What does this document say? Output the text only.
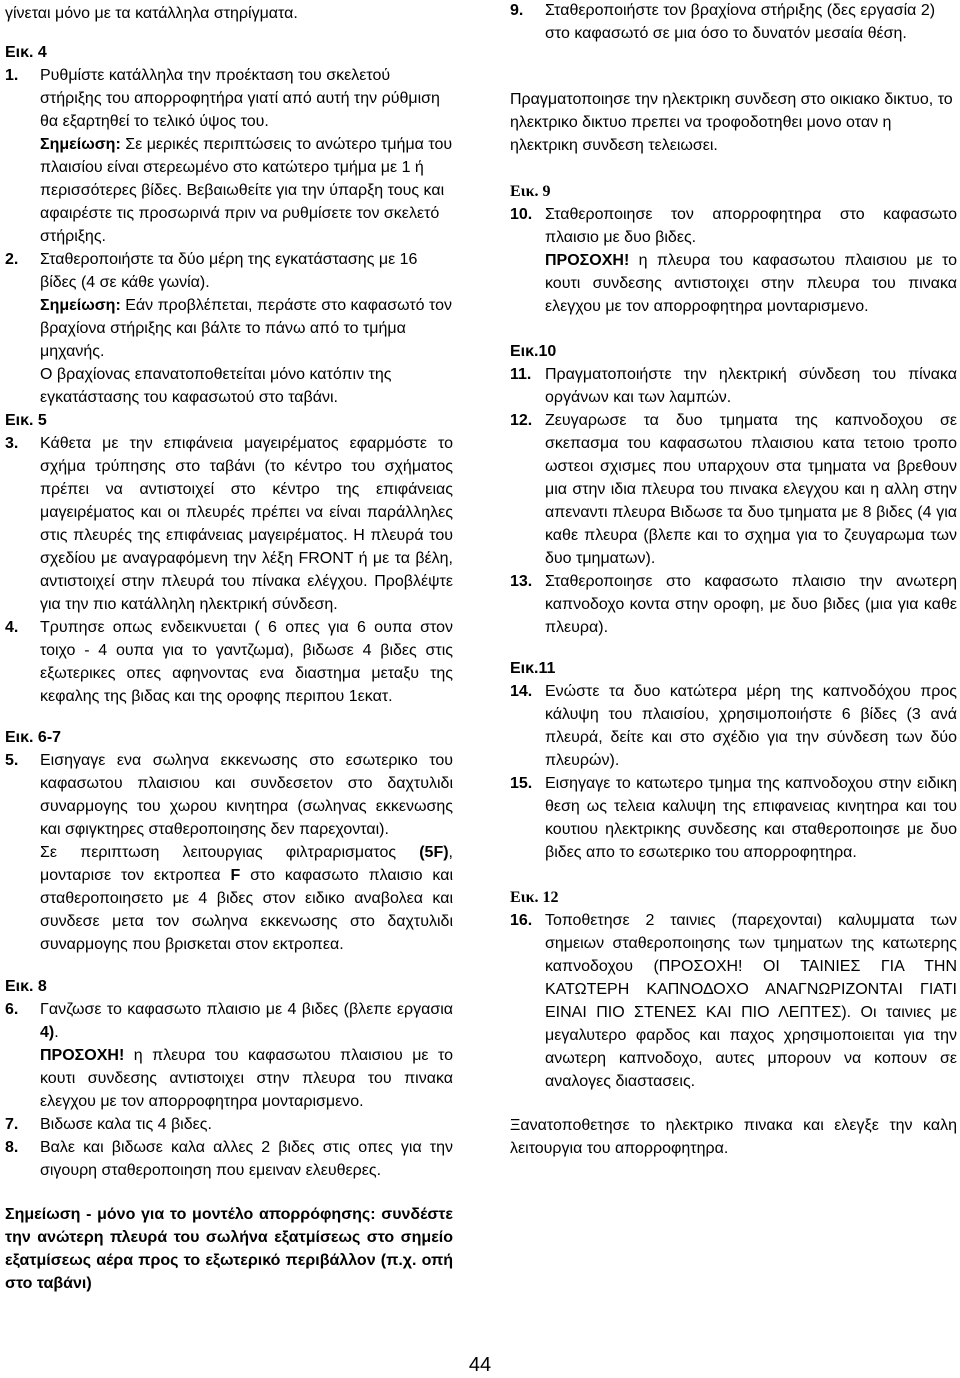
γίνεται μόνο με τα κατάλληλα στηρίγματα.
Εικ. 4
1.	Ρυθμίστε κατάλληλα την προέκταση του σκελετού στήριξης του απορροφητήρα γιατί από αυτή την ρύθμιση θα εξαρτηθεί το τελικό ύψος του.
Σημείωση: Σε μερικές περιπτώσεις το ανώτερο τμήμα του πλαισίου είναι στερεωμένο στο κατώτερο τμήμα με 1 ή περισσότερες βίδες. Βεβαιωθείτε για την ύπαρξη τους και αφαιρέστε τις προσωρινά πριν να ρυθμίσετε τον σκελετό στήριξης.
2.	Σταθεροποιήστε τα δύο μέρη της εγκατάστασης με 16 βίδες (4 σε κάθε γωνία).
Σημείωση: Εάν προβλέπεται, περάστε στο καφασωτό τον βραχίονα στήριξης και βάλτε το πάνω από το τμήμα μηχανής.
Ο βραχίονας επανατοποθετείται μόνο κατόπιν της εγκατάστασης του καφασωτού στο ταβάνι.
Εικ. 5
3.	Κάθετα με την επιφάνεια μαγειρέματος εφαρμόστε το σχήμα τρύπησης στο ταβάνι (το κέντρο του σχήματος πρέπει να αντιστοιχεί στο κέντρο της επιφάνειας μαγειρέματος και οι πλευρές πρέπει να είναι παράλληλες στις πλευρές της επιφάνειας μαγειρέματος. Η πλευρά του σχεδίου με αναγραφόμενη την λέξη FRONT ή με τα βέλη, αντιστοιχεί στην πλευρά του πίνακα ελέγχου. Προβλέψτε για την πιο κατάλληλη ηλεκτρική σύνδεση.
4.	Τρυπησε οπως ενδεικνυεται ( 6 οπες για 6 ουπα στον τοιχο - 4 ουπα για το γαντζωμα), βιδωσε 4 βιδες στις εξωτερικες οπες αφηνοντας ενα διαστημα μεταξυ της κεφαλης της βιδας και της οροφης περιπου 1εκατ.
Εικ. 6-7
5.	Εισηγαγε ενα σωληνα εκκενωσης στο εσωτερικο του καφασωτου πλαισιου και συνδεσετον στο δαχτυλιδι συναρμογης του χωρου κινητηρα (σωληνας εκκενωσης και σφιγκτηρες σταθεροποιησης δεν παρεχονται).
Σε περιπτωση λειτουργιας φιλτραρισματος (5F), μονταρισε τον εκτροπεα F στο καφασωτο πλαισιο και σταθεροποιησετο με 4 βιδες στον ειδικο αναβολεα και συνδεσε μετα τον σωληνα εκκενωσης στο δαχτυλιδι συναρμογης που βρισκεται στον εκτροπεα.
Εικ. 8
6.	Γανζωσε το καφασωτο πλαισιο με 4 βιδες (βλεπε εργασια 4).
ΠΡΟΣΟΧΗ! η πλευρα του καφασωτου πλαισιου με το κουτι συνδεσης αντιστοιχει στην πλευρα του πινακα ελεγχου με τον απορροφητηρα μονταρισμενο.
7.	Βιδωσε καλα τις 4 βιδες.
8.	Βαλε και βιδωσε καλα αλλες 2 βιδες στις οπες για την σιγουρη σταθεροποιηση που εμειναν ελευθερες.
Σημείωση - μόνο για το μοντέλο απορρόφησης: συνδέστε την ανώτερη πλευρά του σωλήνα εξατμίσεως στο σημείο εξατμίσεως αέρα προς το εξωτερικό περιβάλλον (π.χ. οπή στο ταβάνι)
9.	Σταθεροποιήστε τον βραχίονα στήριξης (δες εργασία 2) στο καφασωτό σε μια όσο το δυνατόν μεσαία θέση.
Πραγματοποιησε την ηλεκτρικη συνδεση στο οικιακο δικτυο, το ηλεκτρικο δικτυο πρεπει να τροφοδοτηθει μονο οταν η ηλεκτρικη συνδεση τελειωσει.
Εικ. 9
10. Σταθεροποιησε τον απορροφητηρα στο καφασωτο πλαισιο με δυο βιδες.
ΠΡΟΣΟΧΗ! η πλευρα του καφασωτου πλαισιου με το κουτι συνδεσης αντιστοιχει στην πλευρα του πινακα ελεγχου με τον απορροφητηρα μονταρισμενο.
Εικ.10
11. Πραγματοποιήστε την ηλεκτρική σύνδεση του πίνακα οργάνων και των λαμπών.
12. Ζευγαρωσε τα δυο τμηματα της καπνοδοχου σε σκεπασμα του καφασωτου πλαισιου κατα τετοιο τροπο ωστεοι σχισμες που υπαρχουν στα τμηματα να βρεθουν μια στην ιδια πλευρα του πινακα ελεγχου και η αλλη στην απεναντι πλευρα Βιδωσε τα δυο τμηματα με 8 βιδες (4 για καθε πλευρα (βλεπε και το σχημα για το ζευγαρωμα των δυο τμηματων).
13. Σταθεροποιησε στο καφασωτο πλαισιο την ανωτερη καπνοδοχο κοντα στην οροφη, με δυο βιδες (μια για καθε πλευρα).
Εικ.11
14. Ενώστε τα δυο κατώτερα μέρη της καπνοδόχου προς κάλυψη του πλαισίου, χρησιμοποιήστε 6 βίδες (3 ανά πλευρά, δείτε και στο σχέδιο για την σύνδεση των δύο πλευρών).
15. Εισηγαγε το κατωτερο τμημα της καπνοδοχου στην ειδικη θεση ως τελεια καλυψη της επιφανειας κινητηρα και του κουτιου ηλεκτρικης συνδεσης και σταθεροποιησε με δυο βιδες απο το εσωτερικο του απορροφητηρα.
Εικ. 12
16. Τοποθετησε 2 ταινιες (παρεχονται) καλυμματα των σημειων σταθεροποιησης των τμηματων της κατωτερης καπνοδοχου (ΠΡΟΣΟΧΗ! ΟΙ ΤΑΙΝΙΕΣ ΓΙΑ ΤΗΝ ΚΑΤΩΤΕΡΗ ΚΑΠΝΟΔΟΧΟ ΑΝΑΓΝΩΡΙΖΟΝΤΑΙ ΓΙΑΤΙ ΕΙΝΑΙ ΠΙΟ ΣΤΕΝΕΣ ΚΑΙ ΠΙΟ ΛΕΠΤΕΣ). Οι ταινιες με μεγαλυτερο φαρδος και παχος χρησιμοποιειται για την ανωτερη καπνοδοχο, αυτες μπορουν να κοπουν σε αναλογες διαστασεις.
Ξανατοποθετησε το ηλεκτρικο πινακα και ελεγξε την καλη λειτουργια του απορροφητηρα.
44
